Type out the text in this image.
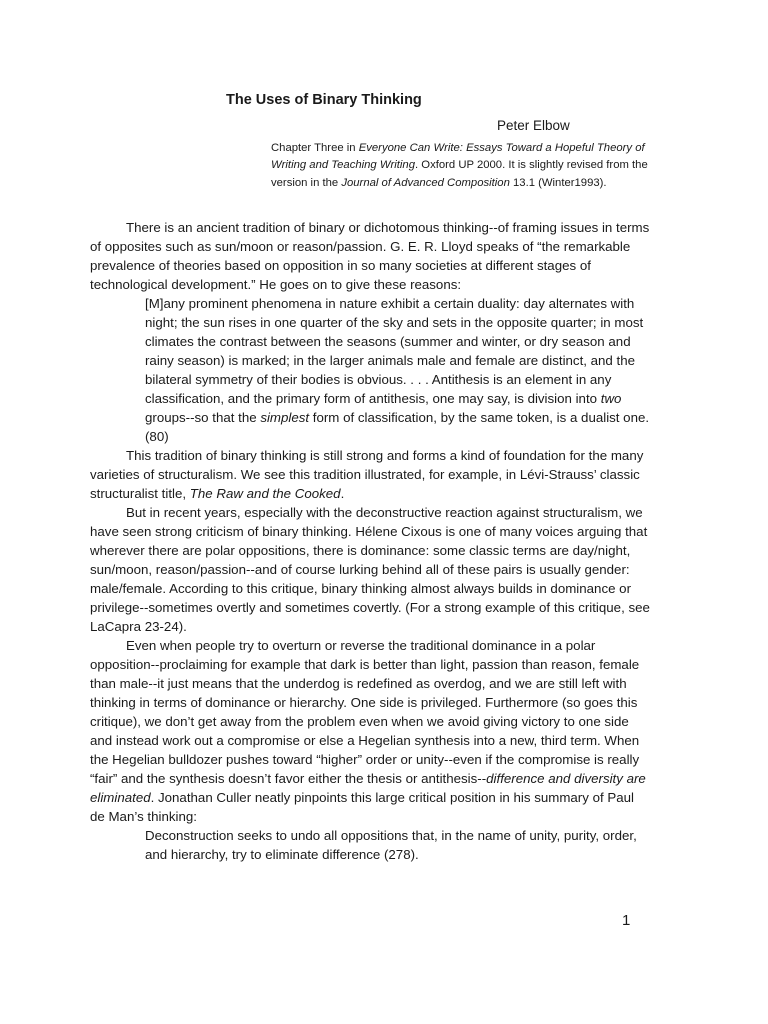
The Uses of Binary Thinking
Peter Elbow
Chapter Three in Everyone Can Write: Essays Toward a Hopeful Theory of
Writing and Teaching Writing. Oxford UP 2000. It is slightly revised from the
version in the Journal of Advanced Composition 13.1 (Winter1993).
There is an ancient tradition of binary or dichotomous thinking--of framing issues in terms
of opposites such as sun/moon or reason/passion. G. E. R. Lloyd speaks of “the remarkable
prevalence of theories based on opposition in so many societies at different stages of
technological development.” He goes on to give these reasons:
[M]any prominent phenomena in nature exhibit a certain duality: day alternates with
night; the sun rises in one quarter of the sky and sets in the opposite quarter; in most
climates the contrast between the seasons (summer and winter, or dry season and
rainy season) is marked; in the larger animals male and female are distinct, and the
bilateral symmetry of their bodies is obvious. . . . Antithesis is an element in any
classification, and the primary form of antithesis, one may say, is division into two
groups--so that the simplest form of classification, by the same token, is a dualist one.
(80)
This tradition of binary thinking is still strong and forms a kind of foundation for the many
varieties of structuralism. We see this tradition illustrated, for example, in Lévi-Strauss’ classic
structuralist title, The Raw and the Cooked.
But in recent years, especially with the deconstructive reaction against structuralism, we
have seen strong criticism of binary thinking. Hélene Cixous is one of many voices arguing that
wherever there are polar oppositions, there is dominance: some classic terms are day/night,
sun/moon, reason/passion--and of course lurking behind all of these pairs is usually gender:
male/female. According to this critique, binary thinking almost always builds in dominance or
privilege--sometimes overtly and sometimes covertly. (For a strong example of this critique, see
LaCapra 23-24).
Even when people try to overturn or reverse the traditional dominance in a polar
opposition--proclaiming for example that dark is better than light, passion than reason, female
than male--it just means that the underdog is redefined as overdog, and we are still left with
thinking in terms of dominance or hierarchy. One side is privileged. Furthermore (so goes this
critique), we don’t get away from the problem even when we avoid giving victory to one side
and instead work out a compromise or else a Hegelian synthesis into a new, third term. When
the Hegelian bulldozer pushes toward “higher” order or unity--even if the compromise is really
“fair” and the synthesis doesn’t favor either the thesis or antithesis--difference and diversity are
eliminated. Jonathan Culler neatly pinpoints this large critical position in his summary of Paul
de Man’s thinking:
Deconstruction seeks to undo all oppositions that, in the name of unity, purity, order,
and hierarchy, try to eliminate difference (278).
1
